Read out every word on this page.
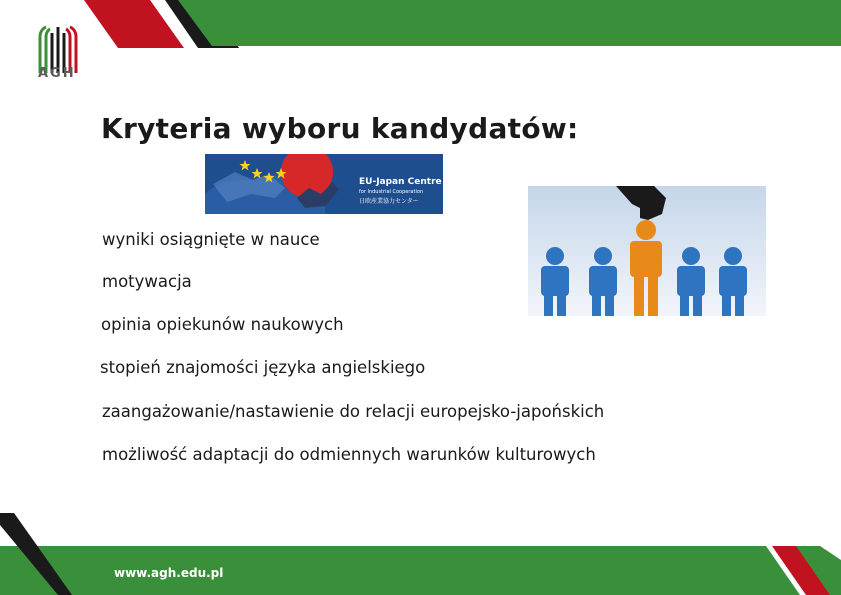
AGH
Kryteria wyboru kandydatów:
EU-Japan Centre
for Industrial Cooperation
日欧産業協力センター
wyniki osiągnięte w nauce
motywacja
opinia opiekunów naukowych
stopień znajomości języka angielskiego
zaangażowanie/nastawienie do relacji europejsko-japońskich
możliwość adaptacji do odmiennych warunków kulturowych
www.agh.edu.pl
